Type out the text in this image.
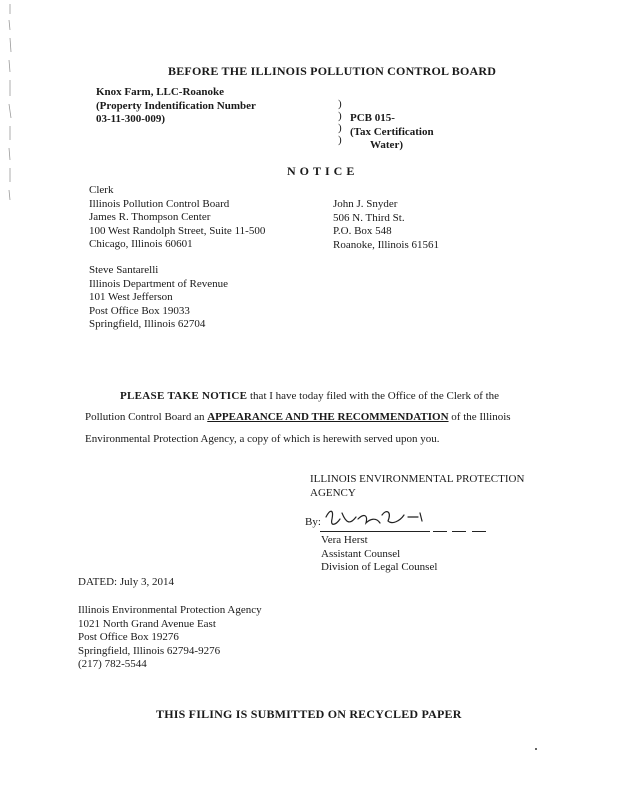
BEFORE THE ILLINOIS POLLUTION CONTROL BOARD
Knox Farm, LLC-Roanoke
(Property Indentification Number
03-11-300-009)
)
)
)
)
PCB 015-
(Tax Certification
Water)
NOTICE
Clerk
Illinois Pollution Control Board
James R. Thompson Center
100 West Randolph Street, Suite 11-500
Chicago, Illinois 60601
John J. Snyder
506 N. Third St.
P.O. Box 548
Roanoke, Illinois 61561
Steve Santarelli
Illinois Department of Revenue
101 West Jefferson
Post Office Box 19033
Springfield, Illinois 62704
PLEASE TAKE NOTICE that I have today filed with the Office of the Clerk of the
Pollution Control Board an APPEARANCE AND THE RECOMMENDATION of the Illinois
Environmental Protection Agency, a copy of which is herewith served upon you.
ILLINOIS ENVIRONMENTAL PROTECTION
AGENCY
By:
Vera Herst
Assistant Counsel
Division of Legal Counsel
DATED: July 3, 2014
Illinois Environmental Protection Agency
1021 North Grand Avenue East
Post Office Box 19276
Springfield, Illinois 62794-9276
(217) 782-5544
THIS FILING IS SUBMITTED ON RECYCLED PAPER
